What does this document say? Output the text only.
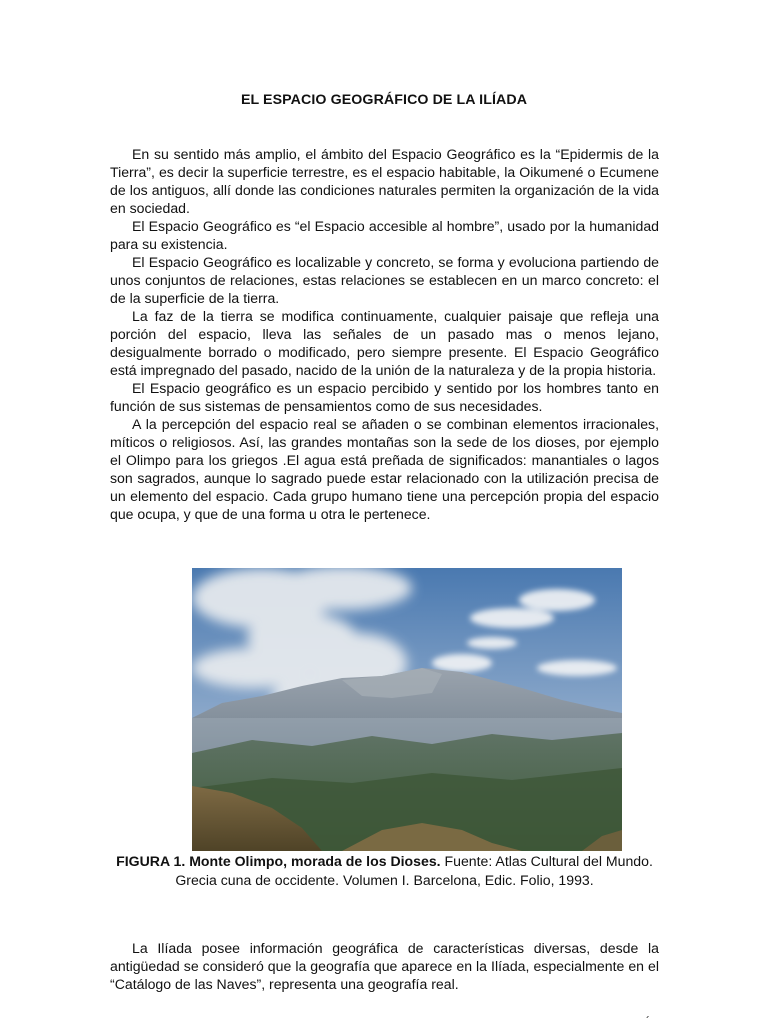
EL ESPACIO GEOGRÁFICO DE LA ILÍADA

En su sentido más amplio, el ámbito del Espacio Geográfico es la “Epidermis de la Tierra”, es decir la superficie terrestre, es el espacio habitable, la Oikumené o Ecumene de los antiguos, allí donde las condiciones naturales permiten la organización de la vida en sociedad.

El Espacio Geográfico es “el Espacio accesible al hombre”, usado por la humanidad para su existencia.

El Espacio Geográfico es localizable y concreto, se forma y evoluciona partiendo de unos conjuntos de relaciones, estas relaciones se establecen en un marco concreto: el de la superficie de la tierra.

La faz de la tierra se modifica continuamente, cualquier paisaje que refleja una porción del espacio, lleva las señales de un pasado mas o menos lejano, desigualmente borrado o modificado, pero siempre presente. El Espacio Geográfico está impregnado del pasado, nacido de la unión de la naturaleza y de la propia historia.

El Espacio geográfico es un espacio percibido y sentido por los hombres tanto en función de sus sistemas de pensamientos como de sus necesidades.

A la percepción del espacio real se añaden o se combinan elementos irracionales, míticos o religiosos. Así, las grandes montañas son la sede de los dioses, por ejemplo el Olimpo para los griegos .El agua está preñada de significados: manantiales o lagos son sagrados, aunque lo sagrado puede estar relacionado con la utilización precisa de un elemento del espacio. Cada grupo humano tiene una percepción propia del espacio que ocupa, y que de una forma u otra le pertenece.

FIGURA 1. Monte Olimpo, morada de los Dioses. Fuente: Atlas Cultural del Mundo. Grecia cuna de occidente. Volumen I. Barcelona, Edic. Folio, 1993.

La Ilíada posee información geográfica de características diversas, desde la antigüedad se consideró que la geografía que aparece en la Ilíada, especialmente en el “Catálogo de las Naves”, representa una geografía real.

´
